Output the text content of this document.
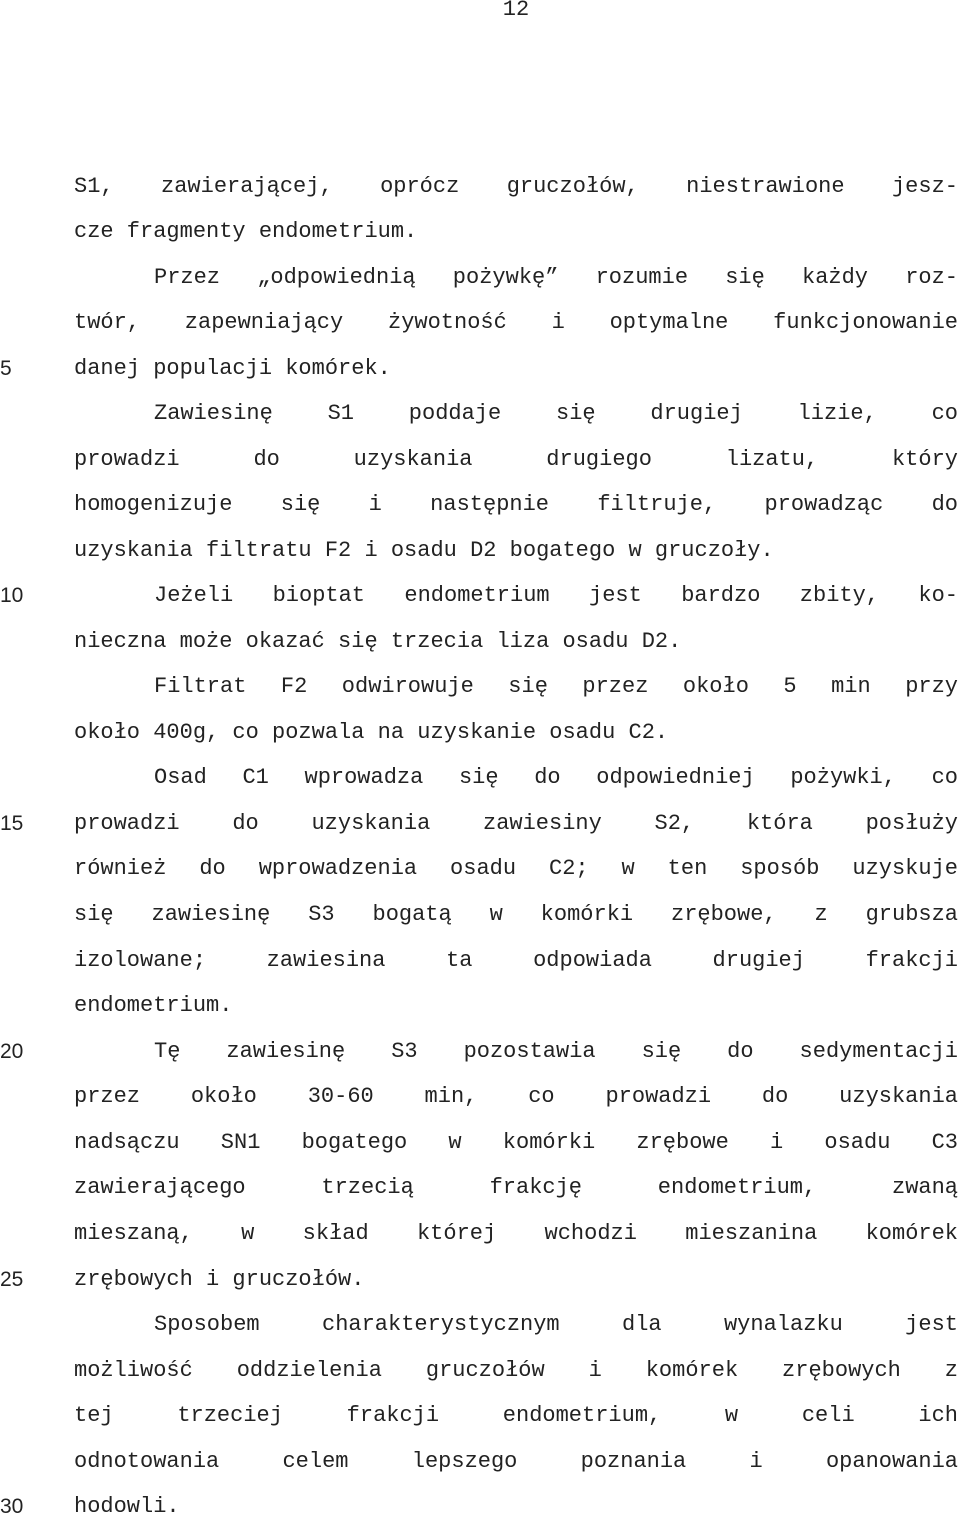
12
5
10
15
20
25
30
S1, zawierającej, oprócz gruczołów, niestrawione jesz-
cze fragmenty endometrium.
Przez „odpowiednią pożywkę” rozumie się każdy roz-
twór, zapewniający żywotność i optymalne funkcjonowanie
danej populacji komórek.
Zawiesinę S1 poddaje się drugiej lizie, co
prowadzi do uzyskania drugiego lizatu, który
homogenizuje się i następnie filtruje, prowadząc do
uzyskania filtratu F2 i osadu D2 bogatego w gruczoły.
Jeżeli bioptat endometrium jest bardzo zbity, ko-
nieczna może okazać się trzecia liza osadu D2.
Filtrat F2 odwirowuje się przez około 5 min przy
około 400g, co pozwala na uzyskanie osadu C2.
Osad C1 wprowadza się do odpowiedniej pożywki, co
prowadzi do uzyskania zawiesiny S2, która posłuży
również do wprowadzenia osadu C2; w ten sposób uzyskuje
się zawiesinę S3 bogatą w komórki zrębowe, z grubsza
izolowane; zawiesina ta odpowiada drugiej frakcji
endometrium.
Tę zawiesinę S3 pozostawia się do sedymentacji
przez około 30-60 min, co prowadzi do uzyskania
nadsączu SN1 bogatego w komórki zrębowe i osadu C3
zawierającego trzecią frakcję endometrium, zwaną
mieszaną, w skład której wchodzi mieszanina komórek
zrębowych i gruczołów.
Sposobem charakterystycznym dla wynalazku jest
możliwość oddzielenia gruczołów i komórek zrębowych z
tej trzeciej frakcji endometrium, w celi ich
odnotowania celem lepszego poznania i opanowania
hodowli.
